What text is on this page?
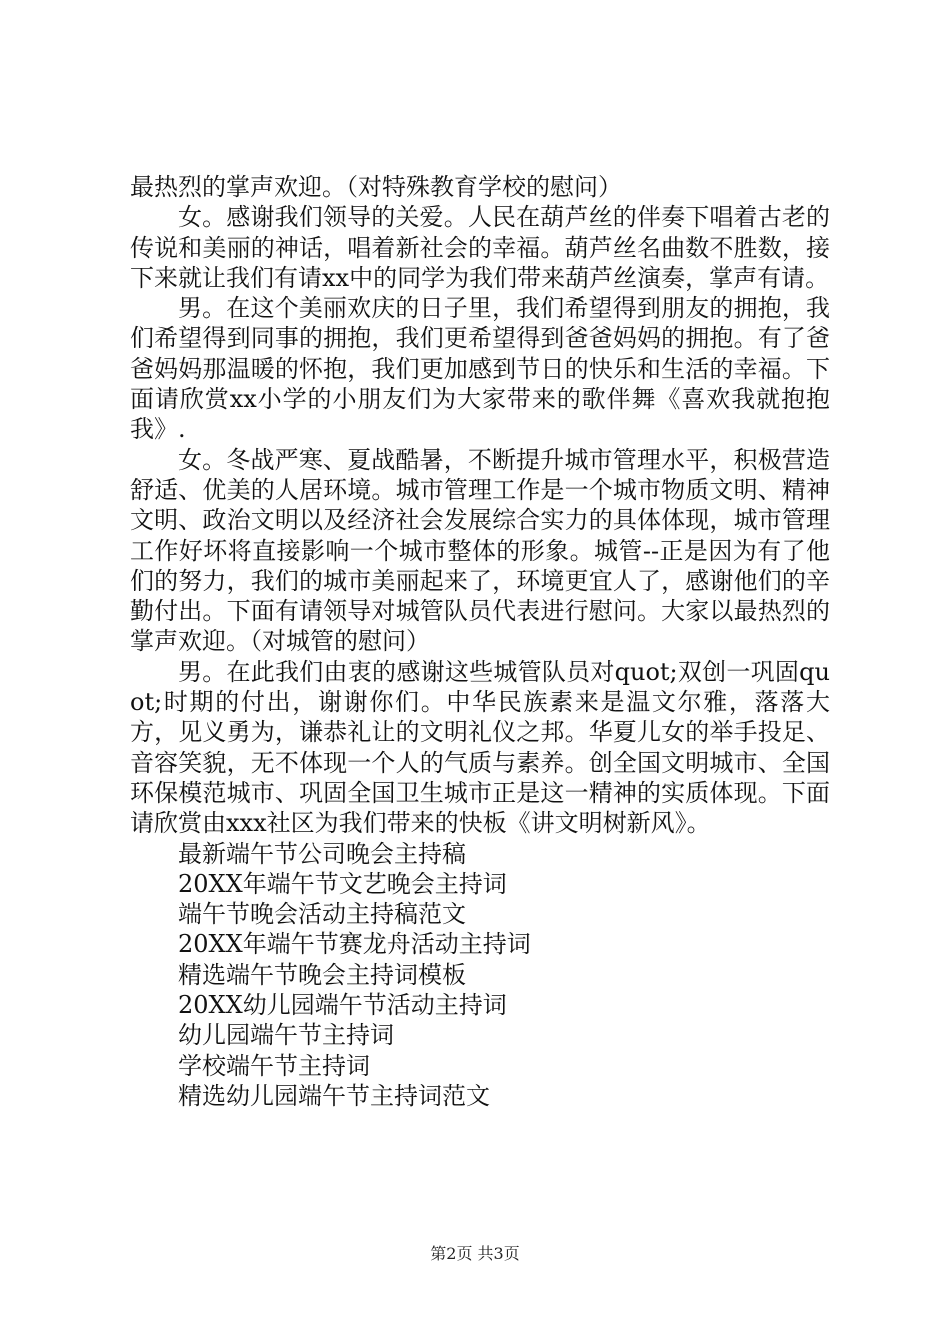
最热烈的掌声欢迎。（对特殊教育学校的慰问）

女。感谢我们领导的关爱。人民在葫芦丝的伴奏下唱着古老的传说和美丽的神话，唱着新社会的幸福。葫芦丝名曲数不胜数，接下来就让我们有请xx中的同学为我们带来葫芦丝演奏，掌声有请。

男。在这个美丽欢庆的日子里，我们希望得到朋友的拥抱，我们希望得到同事的拥抱，我们更希望得到爸爸妈妈的拥抱。有了爸爸妈妈那温暖的怀抱，我们更加感到节日的快乐和生活的幸福。下面请欣赏xx小学的小朋友们为大家带来的歌伴舞《喜欢我就抱抱我》.

女。冬战严寒、夏战酷暑，不断提升城市管理水平，积极营造舒适、优美的人居环境。城市管理工作是一个城市物质文明、精神文明、政治文明以及经济社会发展综合实力的具体体现，城市管理工作好坏将直接影响一个城市整体的形象。城管--正是因为有了他们的努力，我们的城市美丽起来了，环境更宜人了，感谢他们的辛勤付出。下面有请领导对城管队员代表进行慰问。大家以最热烈的掌声欢迎。（对城管的慰问）

男。在此我们由衷的感谢这些城管队员对quot;双创一巩固quot;时期的付出，谢谢你们。中华民族素来是温文尔雅，落落大方，见义勇为，谦恭礼让的文明礼仪之邦。华夏儿女的举手投足、音容笑貌，无不体现一个人的气质与素养。创全国文明城市、全国环保模范城市、巩固全国卫生城市正是这一精神的实质体现。下面请欣赏由xxx社区为我们带来的快板《讲文明树新风》。

最新端午节公司晚会主持稿
20XX年端午节文艺晚会主持词
端午节晚会活动主持稿范文
20XX年端午节赛龙舟活动主持词
精选端午节晚会主持词模板
20XX幼儿园端午节活动主持词
幼儿园端午节主持词
学校端午节主持词
精选幼儿园端午节主持词范文
第2页 共3页
